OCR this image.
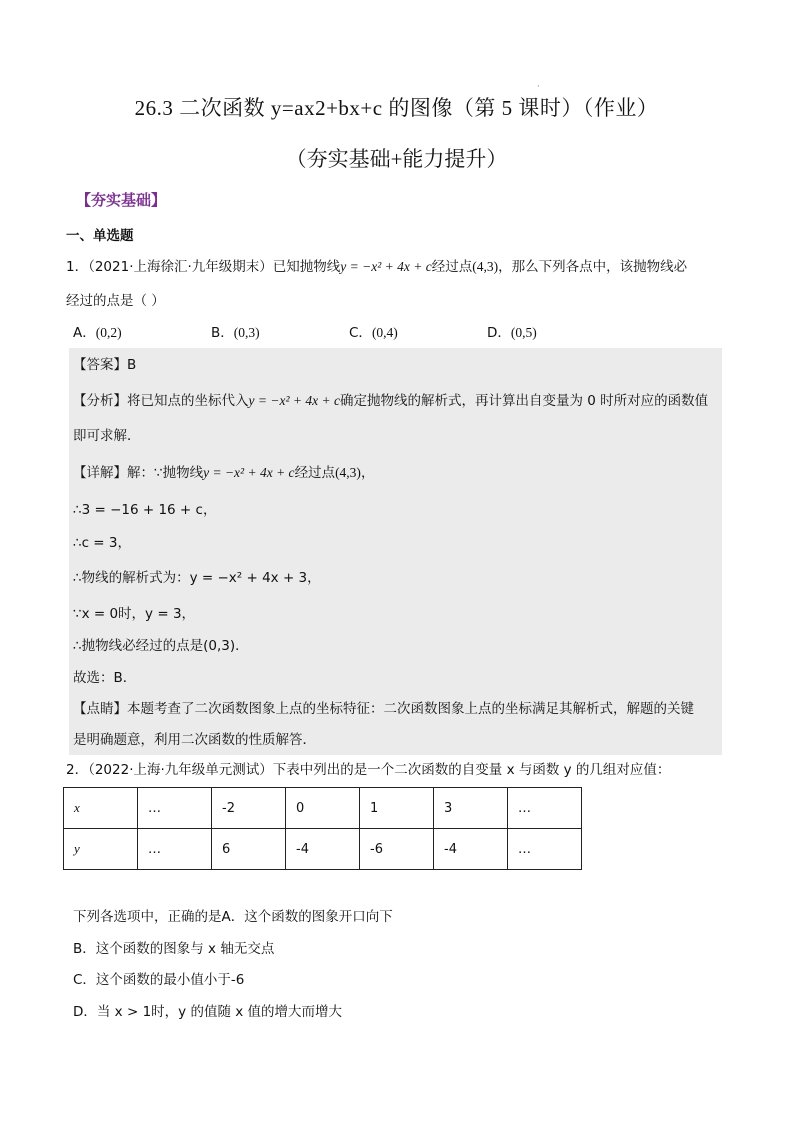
·
26.3 二次函数 y=ax2+bx+c 的图像（第 5 课时）（作业）
（夯实基础+能力提升）
【夯实基础】
一、单选题
1．（2021·上海徐汇·九年级期末）已知抛物线y = −x² + 4x + c经过点(4,3)，那么下列各点中，该抛物线必
经过的点是（ ）
A．(0,2)	B．(0,3)	C．(0,4)	D．(0,5)
【答案】B
【分析】将已知点的坐标代入y = −x² + 4x + c确定抛物线的解析式，再计算出自变量为 0 时所对应的函数值
即可求解．
【详解】解：∵抛物线y = −x² + 4x + c经过点(4,3)，
∴3 = −16 + 16 + c，
∴c = 3，
∴物线的解析式为：y = −x² + 4x + 3，
∵x = 0时，y = 3，
∴抛物线必经过的点是(0,3)．
故选：B．
【点睛】本题考查了二次函数图象上点的坐标特征：二次函数图象上点的坐标满足其解析式，解题的关键
是明确题意，利用二次函数的性质解答．
2．（2022·上海·九年级单元测试）下表中列出的是一个二次函数的自变量 x 与函数 y 的几组对应值：
x	…	-2	0	1	3	…
y	…	6	-4	-6	-4	…
下列各选项中，正确的是A．这个函数的图象开口向下
B．这个函数的图象与 x 轴无交点
C．这个函数的最小值小于-6
D．当 x > 1时，y 的值随 x 值的增大而增大
